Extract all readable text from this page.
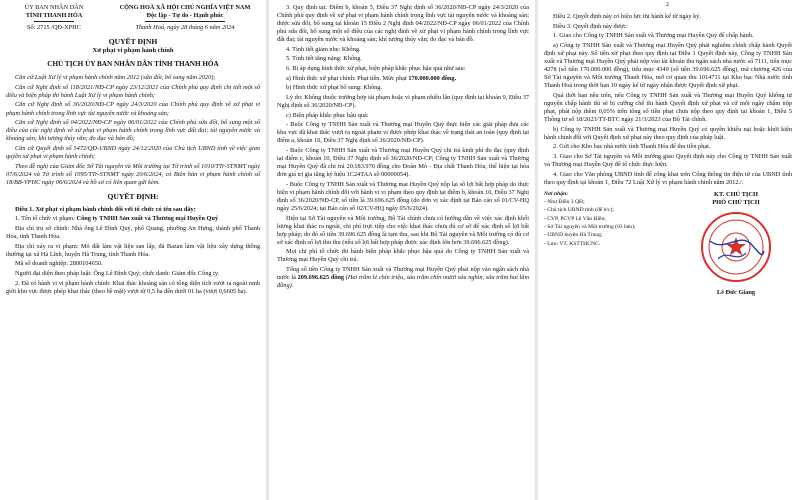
ỦY BAN NHÂN DÂN

TỈNH THANH HÓA

Số: 2715 /QĐ-XPHC

CỘNG HOÀ XÃ HỘI CHỦ NGHĨA VIỆT NAM

Độc lập - Tự do - Hạnh phúc

Thanh Hoá, ngày 28 tháng 6 năm 2024

QUYẾT ĐỊNH

Xử phạt vi phạm hành chính

CHỦ TỊCH ỦY BAN NHÂN DÂN TỈNH THANH HÓA

Căn cứ Luật Xử lý vi phạm hành chính năm 2012 (sửa đổi, bổ sung năm 2020);

Căn cứ Nghị định số 118/2021/NĐ-CP ngày 23/12/2021 của Chính phủ quy định chi tiết một số điều và biện pháp thi hành Luật Xử lý vi phạm hành chính;

Căn cứ Nghị định số 36/2020/NĐ-CP ngày 24/3/2020 của Chính phủ quy định về xử phạt vi phạm hành chính trong lĩnh vực tài nguyên nước và khoáng sản;

Căn cứ Nghị định số 04/2022/NĐ-CP ngày 06/01/2022 của Chính phủ sửa đổi, bổ sung một số điều của các nghị định về xử phạt vi phạm hành chính trong lĩnh vực đất đai; tài nguyên nước và khoáng sản; khí tượng thủy văn; đo đạc và bản đồ;

Căn cứ Quyết định số 5472/QĐ-UBND ngày 24/12/2020 của Chủ tịch UBND tỉnh về việc giao quyền xử phạt vi phạm hành chính;

Theo đề nghị của Giám đốc Sở Tài nguyên và Môi trường tại Tờ trình số 1010/TTr-STNMT ngày 07/6/2024 và Tờ trình số 1095/TTr-STNMT ngày 20/6/2024, có Biên bản vi phạm hành chính số 18/BB-VPHC ngày 06/6/2024 và hồ sơ có liên quan gửi kèm.

QUYẾT ĐỊNH:

Điều 1. Xử phạt vi phạm hành chính đối với tổ chức có tên sau đây:

1. Tên tổ chức vi phạm: Công ty TNHH Sản xuất và Thương mại Huyền Quý

Địa chỉ trụ sở chính: Nhà ông Lê Đình Quý, phố Quang, phường An Hưng, thành phố Thanh Hóa, tỉnh Thanh Hóa.

Địa chỉ xảy ra vi phạm: Mỏ đất làm vật liệu san lấp, đá Bazan làm vật liệu xây dựng thông thường tại xã Hà Lĩnh, huyện Hà Trung, tỉnh Thanh Hóa.

Mã số doanh nghiệp: 2800104650.

Người đại diện theo pháp luật: Ông Lê Đình Quý; chức danh: Giám đốc Công ty.

2. Đã có hành vi vi phạm hành chính: Khai thác khoáng sản có tổng diện tích vượt ra ngoài ranh giới khu vực được phép khai thác (theo bề mặt) vượt từ 0,5 ha đến dưới 01 ha (vượt 0,6605 ha).

3. Quy định tại: Điểm b, khoản 5, Điều 37 Nghị định số 36/2020/NĐ-CP ngày 24/3/2020 của Chính phủ quy định về xử phạt vi phạm hành chính trong lĩnh vực tài nguyên nước và khoáng sản; được sửa đổi, bổ sung tại khoản 15 Điều 2 Nghị định 04/2022/NĐ-CP ngày 06/01/2022 của Chính phủ sửa đổi, bổ sung một số điều của các nghị định về xử phạt vi phạm hành chính trong lĩnh vực đất đai; tài nguyên nước và khoáng sản; khí tượng thủy văn; đo đạc và bản đồ.

4. Tình tiết giảm nhẹ: Không.

5. Tình tiết tăng nặng: Không.

6. Bị áp dụng hình thức xử phạt, biện pháp khắc phục hậu quả như sau:

a) Hình thức xử phạt chính: Phạt tiền. Mức phạt 170.000.000 đồng.

b) Hình thức xử phạt bổ sung: Không.

Lý do: Không thuộc trường hợp tái phạm hoặc vi phạm nhiều lần (quy định tại khoản 9, Điều 37 Nghị định số 36/2020/NĐ-CP).

c) Biện pháp khắc phục hậu quả:

- Buộc Công ty TNHH Sản xuất và Thương mại Huyền Quý thực hiện các giải pháp đưa các khu vực đã khai thác vượt ra ngoài phạm vi được phép khai thác về trạng thái an toàn (quy định tại điểm a, khoản 10, Điều 37 Nghị định số 36/2020/NĐ-CP).

- Buộc Công ty TNHH Sản xuất và Thương mại Huyền Quý chi trả kinh phí đo đạc (quy định tại điểm c, khoản 10, Điều 37 Nghị định số 36/2020/NĐ-CP; Công ty TNHH Sản xuất và Thương mại Huyền Quý đã chi trả 20.183.970 đồng cho Đoàn Mỏ - Địa chất Thanh Hóa, thể hiện tại hóa đơn giá trị gia tăng ký hiệu 1C24TAA số 00000054).

- Buộc Công ty TNHH Sản xuất và Thương mại Huyền Quý nộp lại số lợi bất hợp pháp do thực hiện vi phạm hành chính đối với hành vi vi phạm theo quy định tại điểm b, khoản 10, Điều 37 Nghị định số 36/2020/NĐ-CP, số tiền là 39.696.625 đồng (do đơn vị xác định tại Báo cáo số 01/CV-HQ ngày 25/6/2024; tại Báo cáo số 02/CV-HQ ngày 05/6/2024).

Hiện tại Sở Tài nguyên và Môi trường, Bộ Tài chính chưa có hướng dẫn về việc xác định khối lượng khai thác ra ngoài, chi phí trực tiếp cho việc khai thác chưa đủ cơ sở để xác định số lợi bất hợp pháp; do đó số tiền 39.696.625 đồng là tạm thu, sau khi Bộ Tài nguyên và Môi trường có đủ cơ sở xác định số lợi thu thu (nếu số lợi bất hợp pháp được xác định lớn hơn 39.696.625 đồng).

Mọi chi phí tổ chức thi hành biện pháp khắc phục hậu quả do Công ty TNHH Sản xuất và Thương mại Huyền Quý chi trả.

Tổng số tiền Công ty TNHH Sản xuất và Thương mại Huyền Quý phải nộp vào ngân sách nhà nước là 209.696.625 đồng (Hai trăm lẻ chín triệu, sáu trăm chín mươi sáu nghìn, sáu trăm hai lăm đồng).

2

Điều 2. Quyết định này có hiệu lực thi hành kể từ ngày ký.

Điều 3. Quyết định này được:

1. Giao cho Công ty TNHH Sản xuất và Thương mại Huyền Quý để chấp hành.

a) Công ty TNHH Sản xuất và Thương mại Huyền Quý phải nghiêm chỉnh chấp hành Quyết định xử phạt này. Số tiền xử phạt theo quy định tại Điều 1 Quyết định này, Công ty TNHH Sản xuất và Thương mại Huyền Quý phải nộp vào tài khoản thu ngân sách nhà nước số 7111, tiểu mục 4278 (số tiền 170.000.000 đồng), tiểu mục 4349 (số tiền 39.696.625 đồng), mã chương 426 của Sở Tài nguyên và Môi trường Thanh Hóa, mở cơ quan thu 1014711 tại Kho bạc Nhà nước tỉnh Thanh Hoá trong thời hạn 10 ngày kể từ ngày nhận được Quyết định xử phạt.

Quá thời hạn nêu trên, nếu Công ty TNHH Sản xuất và Thương mại Huyền Quý không tự nguyện chấp hành thì sẽ bị cưỡng chế thi hành Quyết định xử phạt và cứ mỗi ngày chậm nộp phạt, phải nộp thêm 0,05% trên tổng số tiền phạt chưa nộp theo quy định tại khoản 1, Điều 5 Thông tư số 18/2023/TT-BTC ngày 21/3/2023 của Bộ Tài chính.

b) Công ty TNHH Sản xuất và Thương mại Huyền Quý có quyền khiếu nại hoặc khởi kiện hành chính đối với Quyết định xử phạt này theo quy định của pháp luật.

2. Gửi cho Kho bạc nhà nước tỉnh Thanh Hóa để thu tiền phạt.

3. Giao cho Sở Tài nguyên và Môi trường giao Quyết định này cho Công ty TNHH Sản xuất và Thương mại Huyền Quý để tổ chức thực hiện.

4. Giao cho Văn phòng UBND tỉnh để công khai trên Cổng thông tin điện tử của UBND tỉnh theo quy định tại khoản 1, Điều 72 Luật Xử lý vi phạm hành chính năm 2012./.

Nơi nhận:

- Như Điều 3 QĐ;

- Chủ tịch UBND tỉnh (để b/c);

- CVP, PCVP Lê Văn Hiền;

- Sở Tài nguyên và Môi trường (03 bản);

- UBND huyện Hà Trung;

- Lưu: VT, KSTTHCNC.

KT. CHỦ TỊCH

PHÓ CHỦ TỊCH

Lê Đức Giang
